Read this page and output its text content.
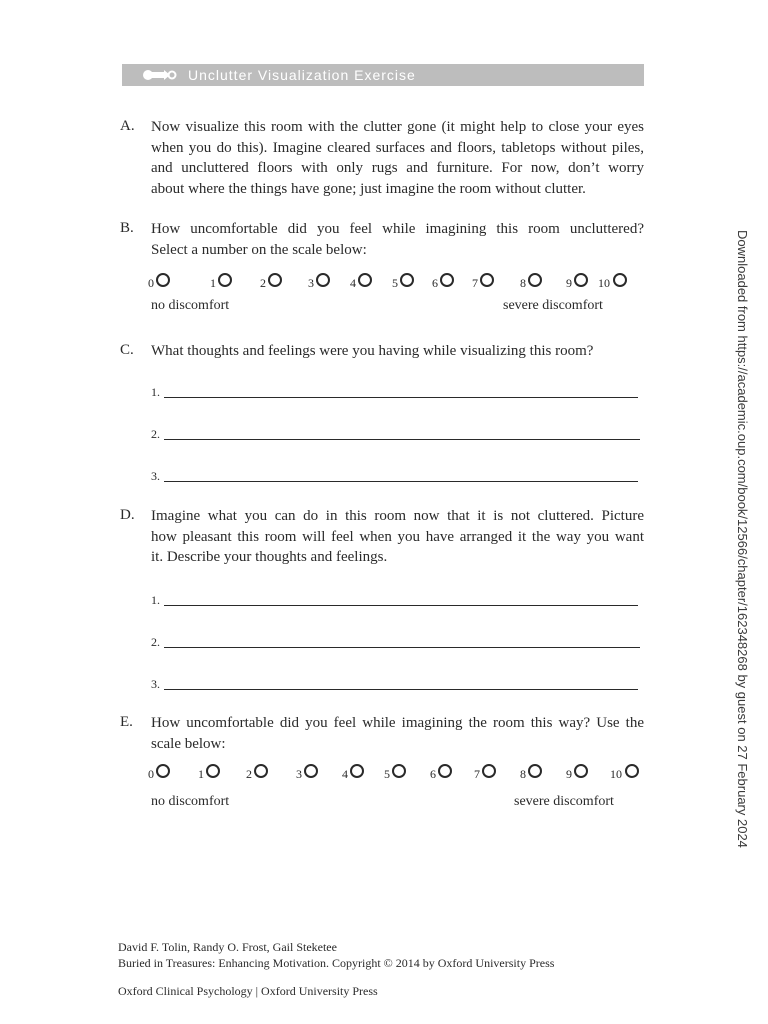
Unclutter Visualization Exercise
A. Now visualize this room with the clutter gone (it might help to close your eyes
when you do this). Imagine cleared surfaces and floors, tabletops without piles,
and uncluttered floors with only rugs and furniture. For now, don’t worry
about where the things have gone; just imagine the room without clutter.
B. How uncomfortable did you feel while imagining this room uncluttered?
Select a number on the scale below:
0	1	2	3	4	5	6	7	8	9 10
no discomfort	severe discomfort
C. What thoughts and feelings were you having while visualizing this room?
1.
2.
3.
D. Imagine what you can do in this room now that it is not cluttered. Picture
how pleasant this room will feel when you have arranged it the way you want
it. Describe your thoughts and feelings.
1.
2.
3.
E. How uncomfortable did you feel while imagining the room this way? Use the
scale below:
0	1	2	3	4	5	6	7	8	9	10
no discomfort	severe discomfort	Downloaded from https://academic.oup.com/book/12566/chapter/162348268 by guest on 27 February 2024
David F. Tolin, Randy O. Frost, Gail Steketee
Buried in Treasures: Enhancing Motivation. Copyright © 2014 by Oxford University Press
Oxford Clinical Psychology | Oxford University Press
